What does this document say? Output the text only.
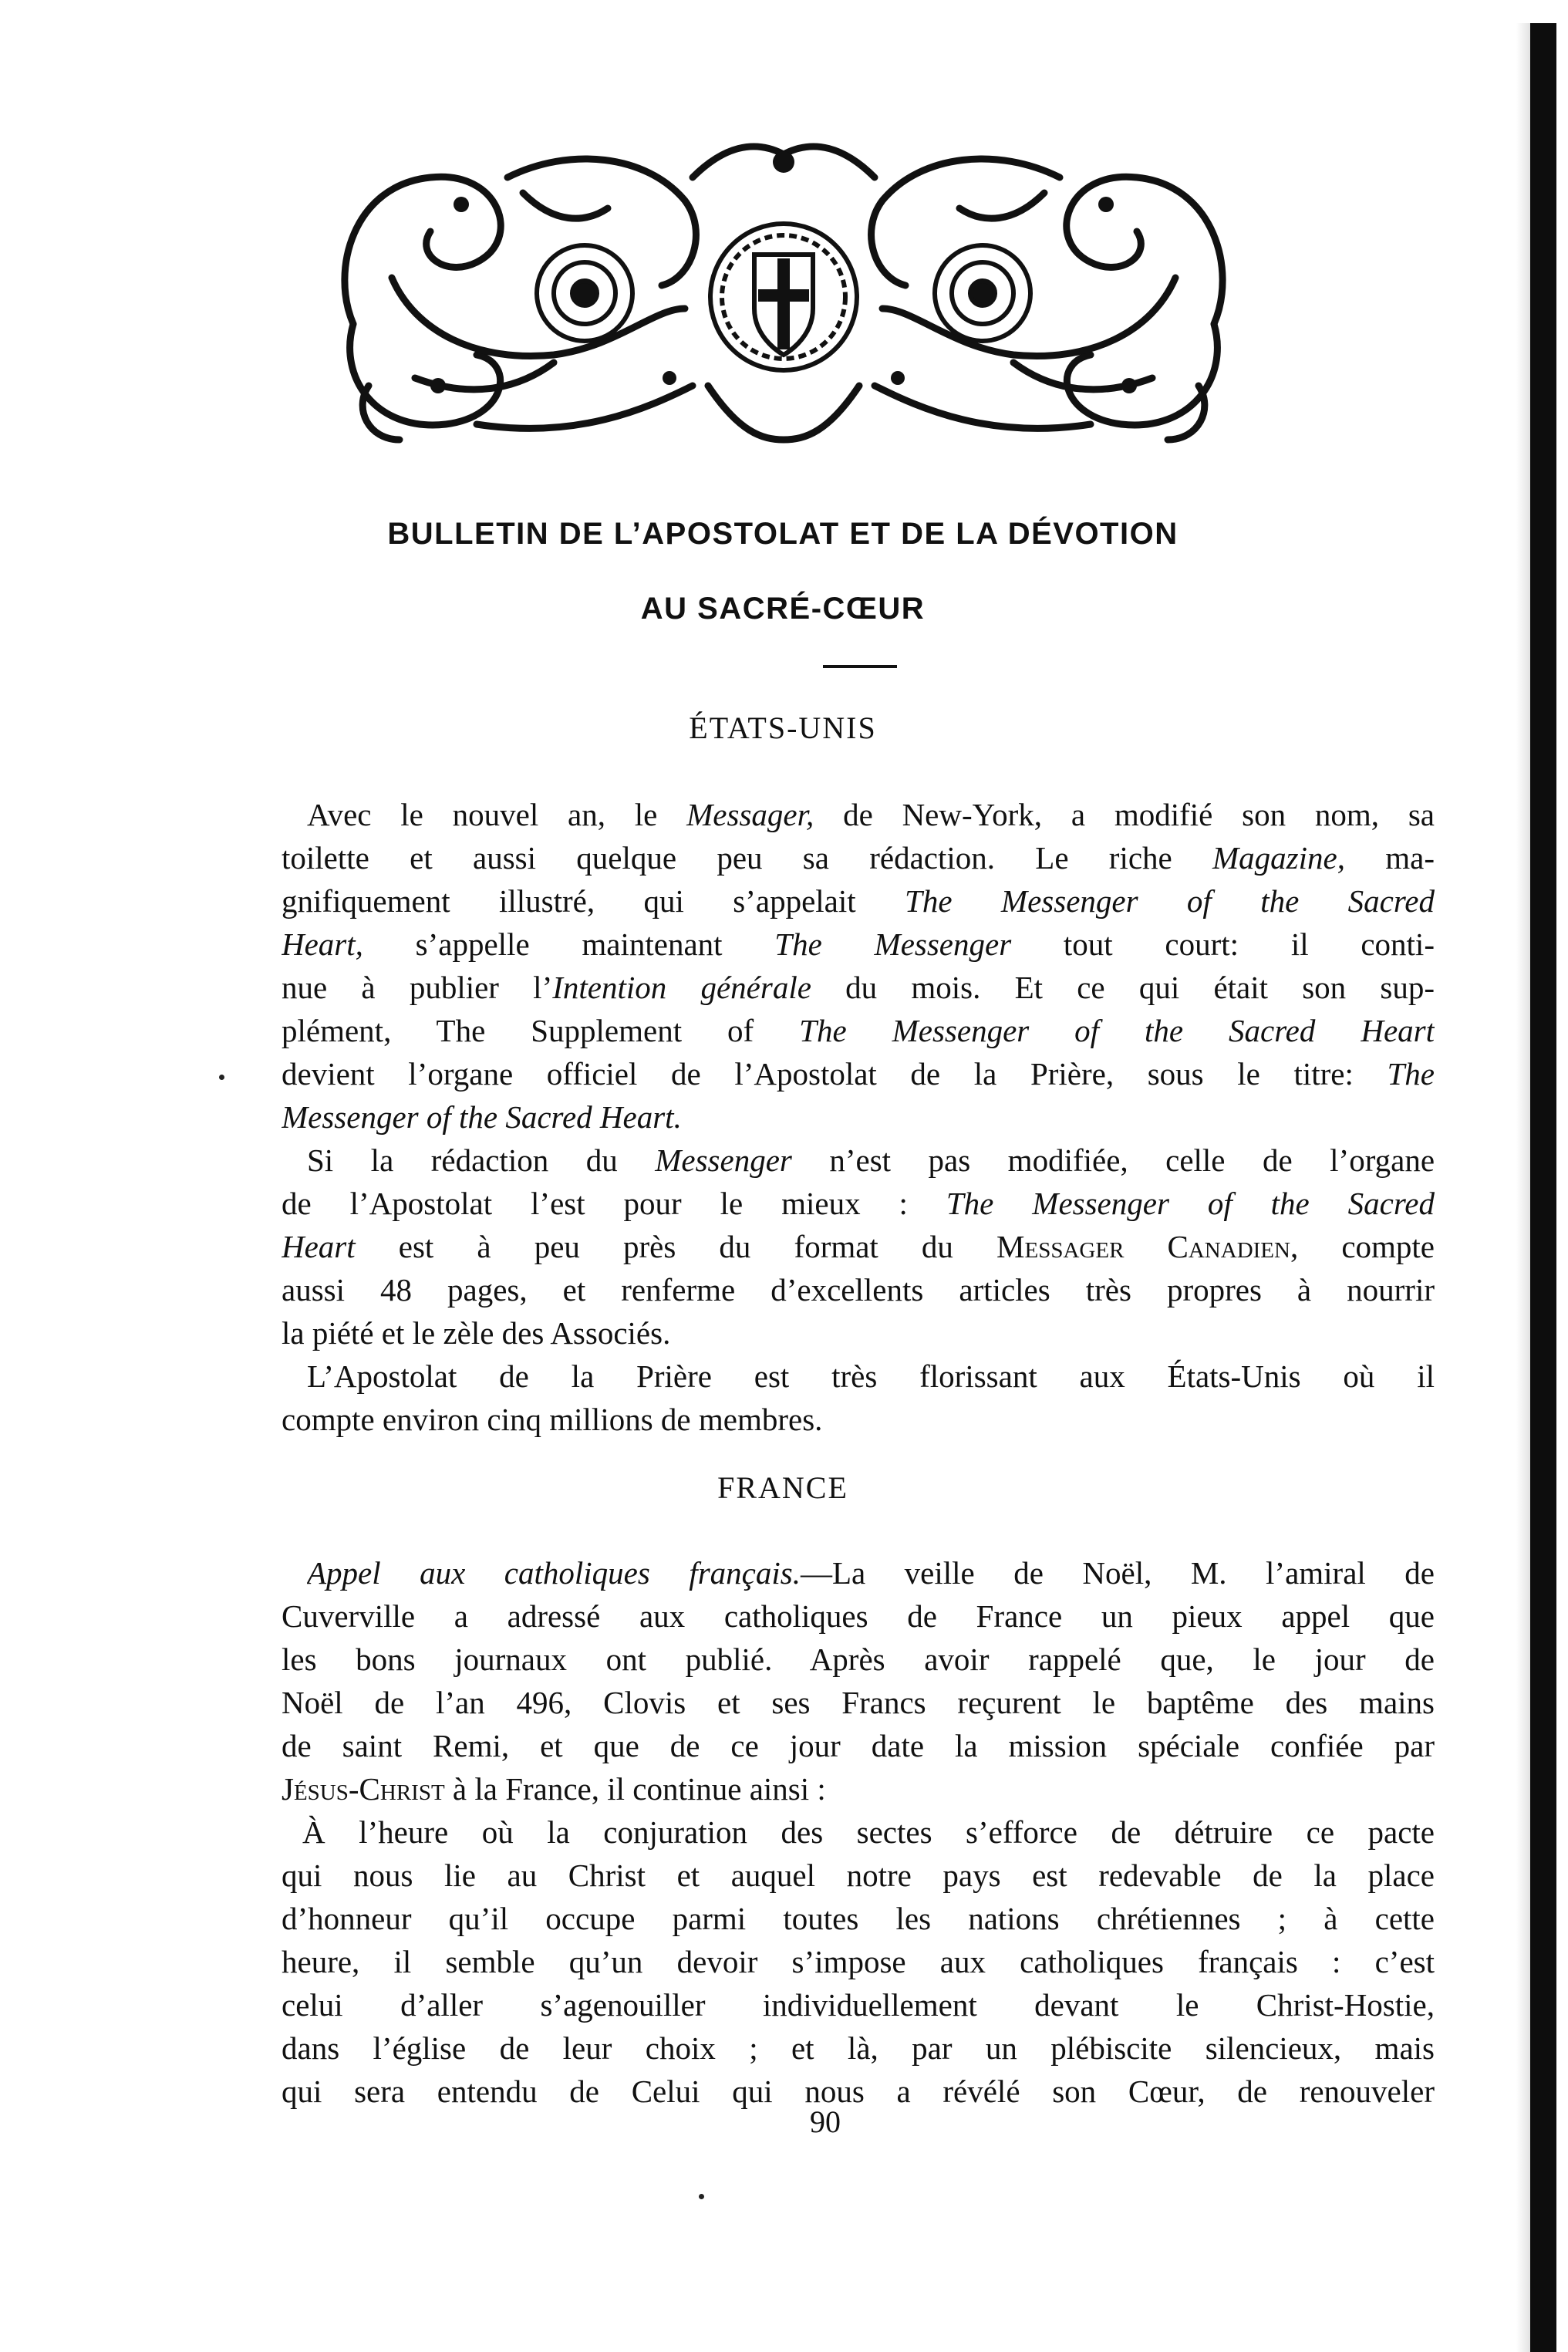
BULLETIN DE L’APOSTOLAT ET DE LA DÉVOTION
AU SACRÉ-CŒUR
ÉTATS-UNIS
Avec le nouvel an, le Messager, de New-York, a modifié son nom, sa
toilette et aussi quelque peu sa rédaction. Le riche Magazine, ma-
gnifiquement illustré, qui s’appelait The Messenger of the Sacred
Heart, s’appelle maintenant The Messenger tout court: il conti-
nue à publier l’Intention générale du mois. Et ce qui était son sup-
plément, The Supplement of The Messenger of the Sacred Heart
devient l’organe officiel de l’Apostolat de la Prière, sous le titre: The
Messenger of the Sacred Heart.
Si la rédaction du Messenger n’est pas modifiée, celle de l’organe
de l’Apostolat l’est pour le mieux : The Messenger of the Sacred
Heart est à peu près du format du Messager Canadien, compte
aussi 48 pages, et renferme d’excellents articles très propres à nourrir
la piété et le zèle des Associés.
L’Apostolat de la Prière est très florissant aux États-Unis où il
compte environ cinq millions de membres.
FRANCE
Appel aux catholiques français.—La veille de Noël, M. l’amiral de
Cuverville a adressé aux catholiques de France un pieux appel que
les bons journaux ont publié. Après avoir rappelé que, le jour de
Noël de l’an 496, Clovis et ses Francs reçurent le baptême des mains
de saint Remi, et que de ce jour date la mission spéciale confiée par
Jésus-Christ à la France, il continue ainsi :
À l’heure où la conjuration des sectes s’efforce de détruire ce pacte
qui nous lie au Christ et auquel notre pays est redevable de la place
d’honneur qu’il occupe parmi toutes les nations chrétiennes ; à cette
heure, il semble qu’un devoir s’impose aux catholiques français : c’est
celui d’aller s’agenouiller individuellement devant le Christ-Hostie,
dans l’église de leur choix ; et là, par un plébiscite silencieux, mais
qui sera entendu de Celui qui nous a révélé son Cœur, de renouveler
90
